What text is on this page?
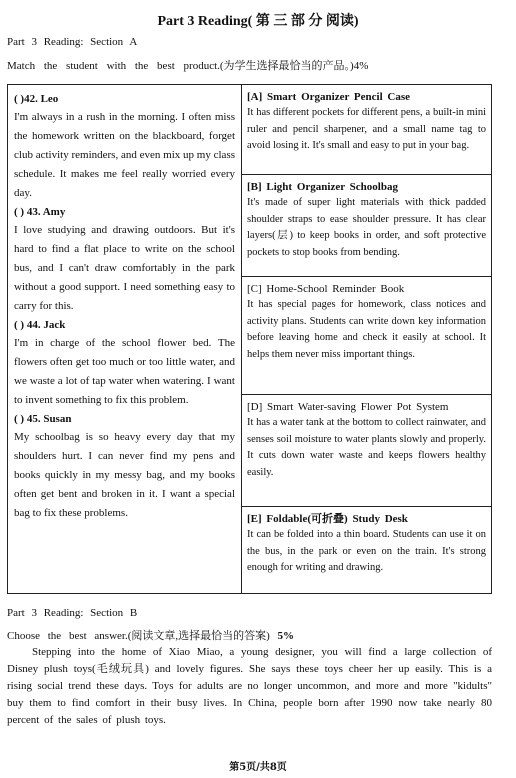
Part 3 Reading( 第 三 部 分 阅读)
Part 3 Reading: Section A
Match the student with the best product.(为学生选择最恰当的产品。)4%
( )42. Leo
I'm always in a rush in the morning. I often miss the homework written on the blackboard, forget club activity reminders, and even mix up my class schedule. It makes me feel really worried every day.
( ) 43. Amy
I love studying and drawing outdoors. But it's hard to find a flat place to write on the school bus, and I can't draw comfortably in the park without a good support. I need something easy to carry for this.
( ) 44. Jack
I'm in charge of the school flower bed. The flowers often get too much or too little water, and we waste a lot of tap water when watering. I want to invent something to fix this problem.
( ) 45. Susan
My schoolbag is so heavy every day that my shoulders hurt. I can never find my pens and books quickly in my messy bag, and my books often get bent and broken in it. I want a special bag to fix these problems.
[A] Smart Organizer Pencil Case
It has different pockets for different pens, a built-in mini ruler and pencil sharpener, and a small name tag to avoid losing it. It's small and easy to put in your bag.
[B] Light Organizer Schoolbag
It's made of super light materials with thick padded shoulder straps to ease shoulder pressure. It has clear layers(层) to keep books in order, and soft protective pockets to stop books from bending.
[C] Home-School Reminder Book
It has special pages for homework, class notices and activity plans. Students can write down key information before leaving home and check it easily at school. It helps them never miss important things.
[D] Smart Water-saving Flower Pot System
It has a water tank at the bottom to collect rainwater, and senses soil moisture to water plants slowly and properly. It cuts down water waste and keeps flowers healthy easily.
[E] Foldable(可折叠) Study Desk
It can be folded into a thin board. Students can use it on the bus, in the park or even on the train. It's strong enough for writing and drawing.
Part 3 Reading: Section B
Choose the best answer.(阅读文章,选择最恰当的答案) 5%
Stepping into the home of Xiao Miao, a young designer, you will find a large collection of Disney plush toys(毛绒玩具) and lovely figures. She says these toys cheer her up easily. This is a rising social trend these days. Toys for adults are no longer uncommon, and more and more "kidults" buy them to find comfort in their busy lives. In China, people born after 1990 now take nearly 80 percent of the sales of plush toys.
第5页/共8页
